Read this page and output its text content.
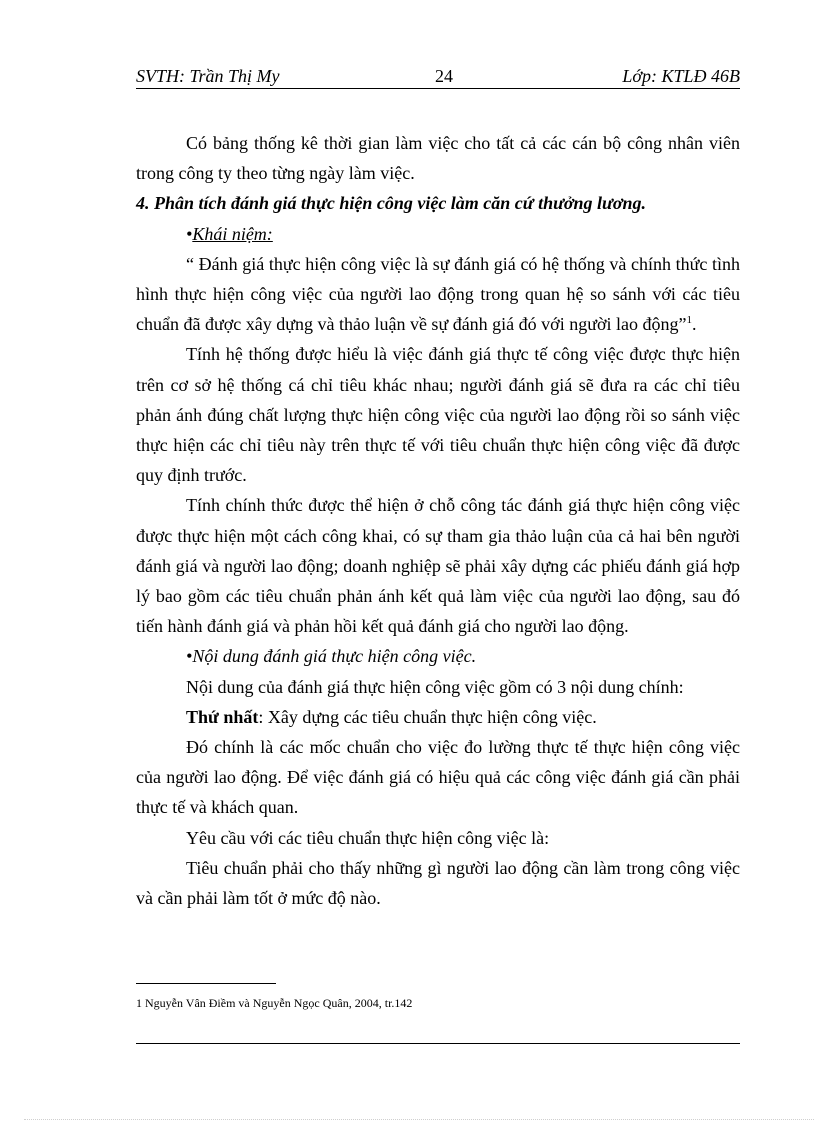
SVTH: Trần Thị My	24	Lớp: KTLĐ 46B

Có bảng thống kê thời gian làm việc cho tất cả các cán bộ công nhân viên trong công ty theo từng ngày làm việc.

4. Phân tích đánh giá thực hiện công việc làm căn cứ thưởng lương.

•Khái niệm:

“ Đánh giá thực hiện công việc là sự đánh giá có hệ thống và chính thức tình hình thực hiện công việc của người lao động trong quan hệ so sánh với các tiêu chuẩn đã được xây dựng và thảo luận về sự đánh giá đó với người lao động”$^1$.

Tính hệ thống được hiểu là việc đánh giá thực tế công việc được thực hiện trên cơ sở hệ thống cá chỉ tiêu khác nhau; người đánh giá sẽ đưa ra các chỉ tiêu phản ánh đúng chất lượng thực hiện công việc của người lao động rồi so sánh việc thực hiện các chỉ tiêu này trên thực tế với tiêu chuẩn thực hiện công việc đã được quy định trước.

Tính chính thức được thể hiện ở chỗ công tác đánh giá thực hiện công việc được thực hiện một cách công khai, có sự tham gia thảo luận của cả hai bên người đánh giá và người lao động; doanh nghiệp sẽ phải xây dựng các phiếu đánh giá hợp lý bao gồm các tiêu chuẩn phản ánh kết quả làm việc của người lao động, sau đó tiến hành đánh giá và phản hồi kết quả đánh giá cho người lao động.

•Nội dung đánh giá thực hiện công việc.

Nội dung của đánh giá thực hiện công việc gồm có 3 nội dung chính:

Thứ nhất: Xây dựng các tiêu chuẩn thực hiện công việc.

Đó chính là các mốc chuẩn cho việc đo lường thực tế thực hiện công việc của người lao động. Để việc đánh giá có hiệu quả các công việc đánh giá cần phải thực tế và khách quan.

Yêu cầu với các tiêu chuẩn thực hiện công việc là:

Tiêu chuẩn phải cho thấy những gì người lao động cần làm trong công việc và cần phải làm tốt ở mức độ nào.

1 Nguyễn Vân Điềm và Nguyễn Ngọc Quân, 2004, tr.142
